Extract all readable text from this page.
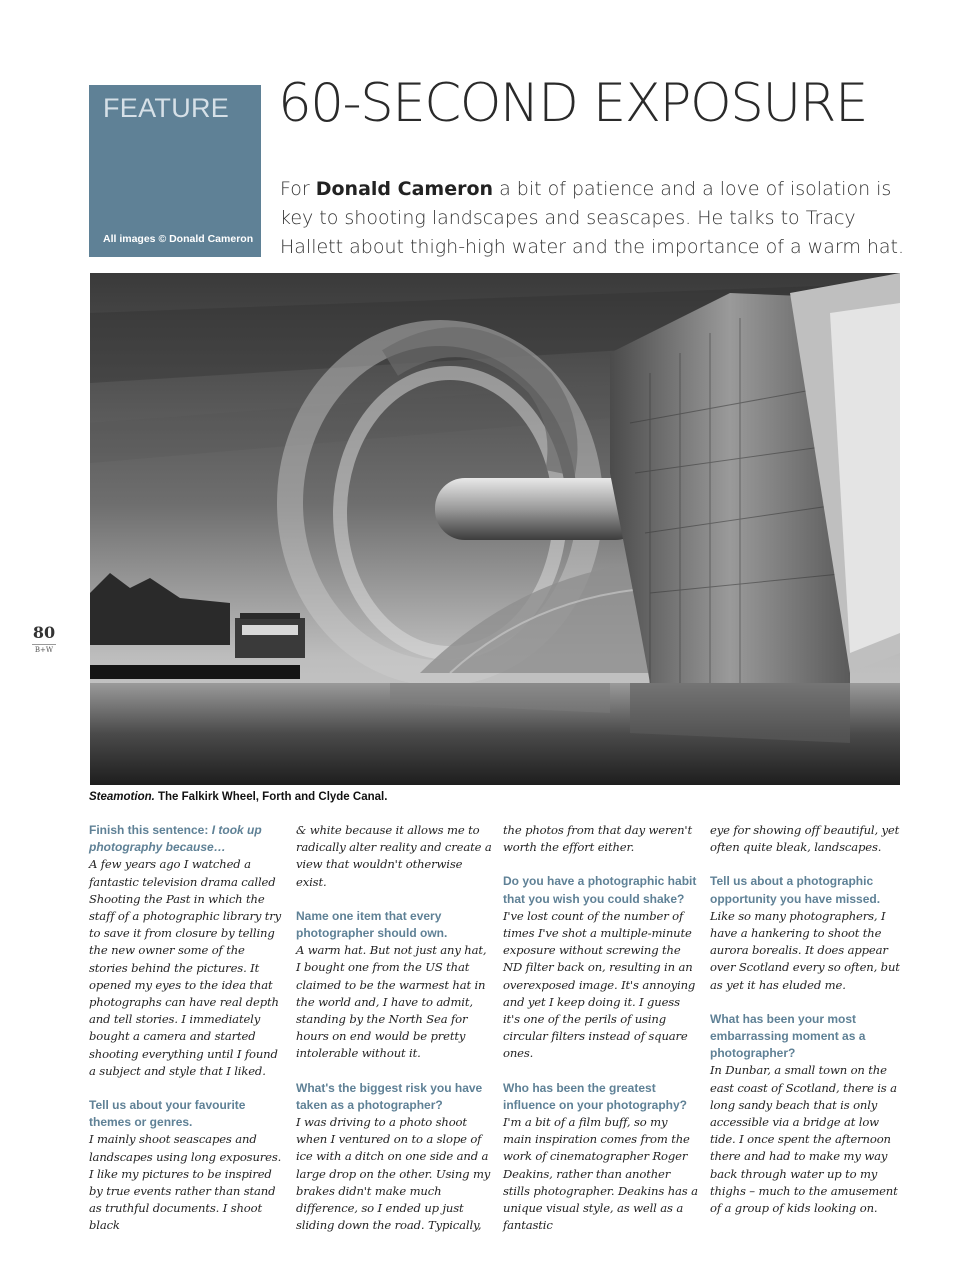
FEATURE
All images © Donald Cameron
60-SECOND EXPOSURE

For Donald Cameron a bit of patience and a love of isolation is key to shooting landscapes and seascapes. He talks to Tracy Hallett about thigh-high water and the importance of a warm hat.

Steamotion. The Falkirk Wheel, Forth and Clyde Canal.
80
B+W

Finish this sentence: I took up photography because…

A few years ago I watched a fantastic television drama called Shooting the Past in which the staff of a photographic library try to save it from closure by telling the new owner some of the stories behind the pictures. It opened my eyes to the idea that photographs can have real depth and tell stories. I immediately bought a camera and started shooting everything until I found a subject and style that I liked.

Tell us about your favourite themes or genres.

I mainly shoot seascapes and landscapes using long exposures. I like my pictures to be inspired by true events rather than stand as truthful documents. I shoot black

& white because it allows me to radically alter reality and create a view that wouldn't otherwise exist.

Name one item that every photographer should own.

A warm hat. But not just any hat, I bought one from the US that claimed to be the warmest hat in the world and, I have to admit, standing by the North Sea for hours on end would be pretty intolerable without it.

What's the biggest risk you have taken as a photographer?

I was driving to a photo shoot when I ventured on to a slope of ice with a ditch on one side and a large drop on the other. Using my brakes didn't make much difference, so I ended up just sliding down the road. Typically,

the photos from that day weren't worth the effort either.

Do you have a photographic habit that you wish you could shake?

I've lost count of the number of times I've shot a multiple-minute exposure without screwing the ND filter back on, resulting in an overexposed image. It's annoying and yet I keep doing it. I guess it's one of the perils of using circular filters instead of square ones.

Who has been the greatest influence on your photography?

I'm a bit of a film buff, so my main inspiration comes from the work of cinematographer Roger Deakins, rather than another stills photographer. Deakins has a unique visual style, as well as a fantastic

eye for showing off beautiful, yet often quite bleak, landscapes.

Tell us about a photographic opportunity you have missed.

Like so many photographers, I have a hankering to shoot the aurora borealis. It does appear over Scotland every so often, but as yet it has eluded me.

What has been your most embarrassing moment as a photographer?

In Dunbar, a small town on the east coast of Scotland, there is a long sandy beach that is only accessible via a bridge at low tide. I once spent the afternoon there and had to make my way back through water up to my thighs – much to the amusement of a group of kids looking on.
